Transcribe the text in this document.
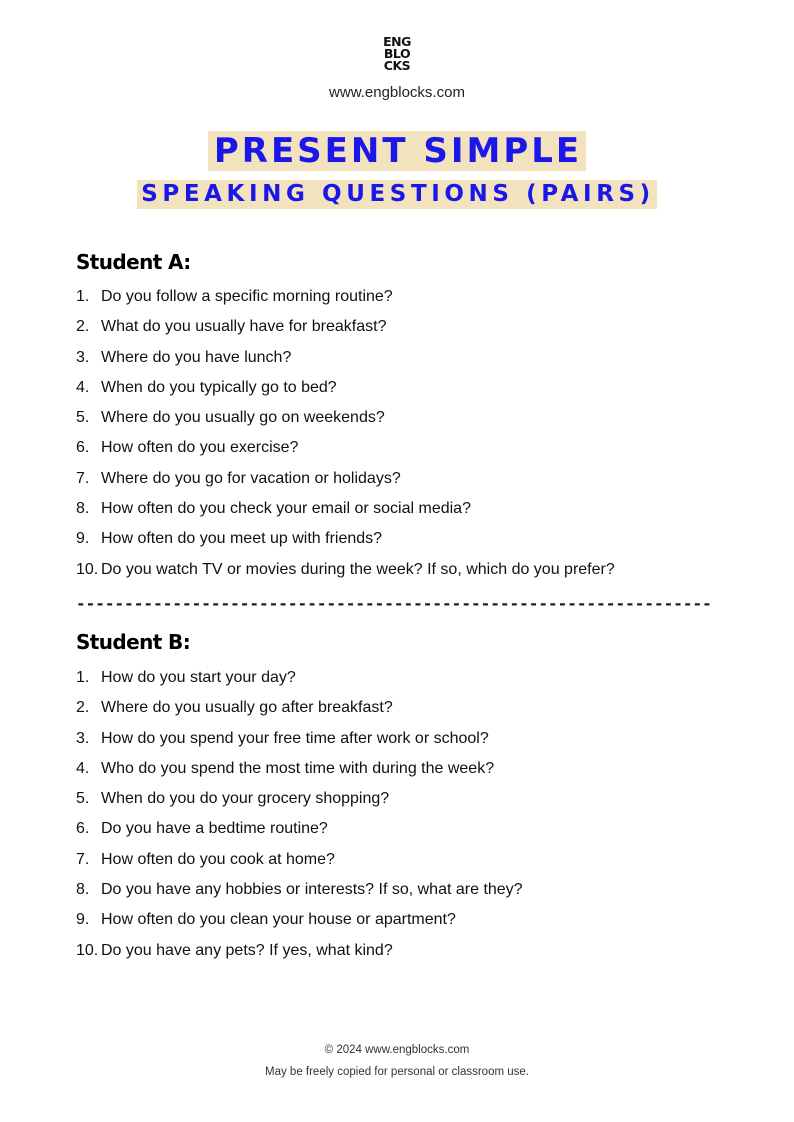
ENG
BLO
CKS
www.engblocks.com
PRESENT SIMPLE
SPEAKING QUESTIONS (PAIRS)
Student A:
1. Do you follow a specific morning routine?
2. What do you usually have for breakfast?
3. Where do you have lunch?
4. When do you typically go to bed?
5. Where do you usually go on weekends?
6. How often do you exercise?
7. Where do you go for vacation or holidays?
8. How often do you check your email or social media?
9. How often do you meet up with friends?
10. Do you watch TV or movies during the week? If so, which do you prefer?
------------------------------------------------------------------
Student B:
1. How do you start your day?
2. Where do you usually go after breakfast?
3. How do you spend your free time after work or school?
4. Who do you spend the most time with during the week?
5. When do you do your grocery shopping?
6. Do you have a bedtime routine?
7. How often do you cook at home?
8. Do you have any hobbies or interests? If so, what are they?
9. How often do you clean your house or apartment?
10. Do you have any pets? If yes, what kind?
© 2024 www.engblocks.com
May be freely copied for personal or classroom use.
